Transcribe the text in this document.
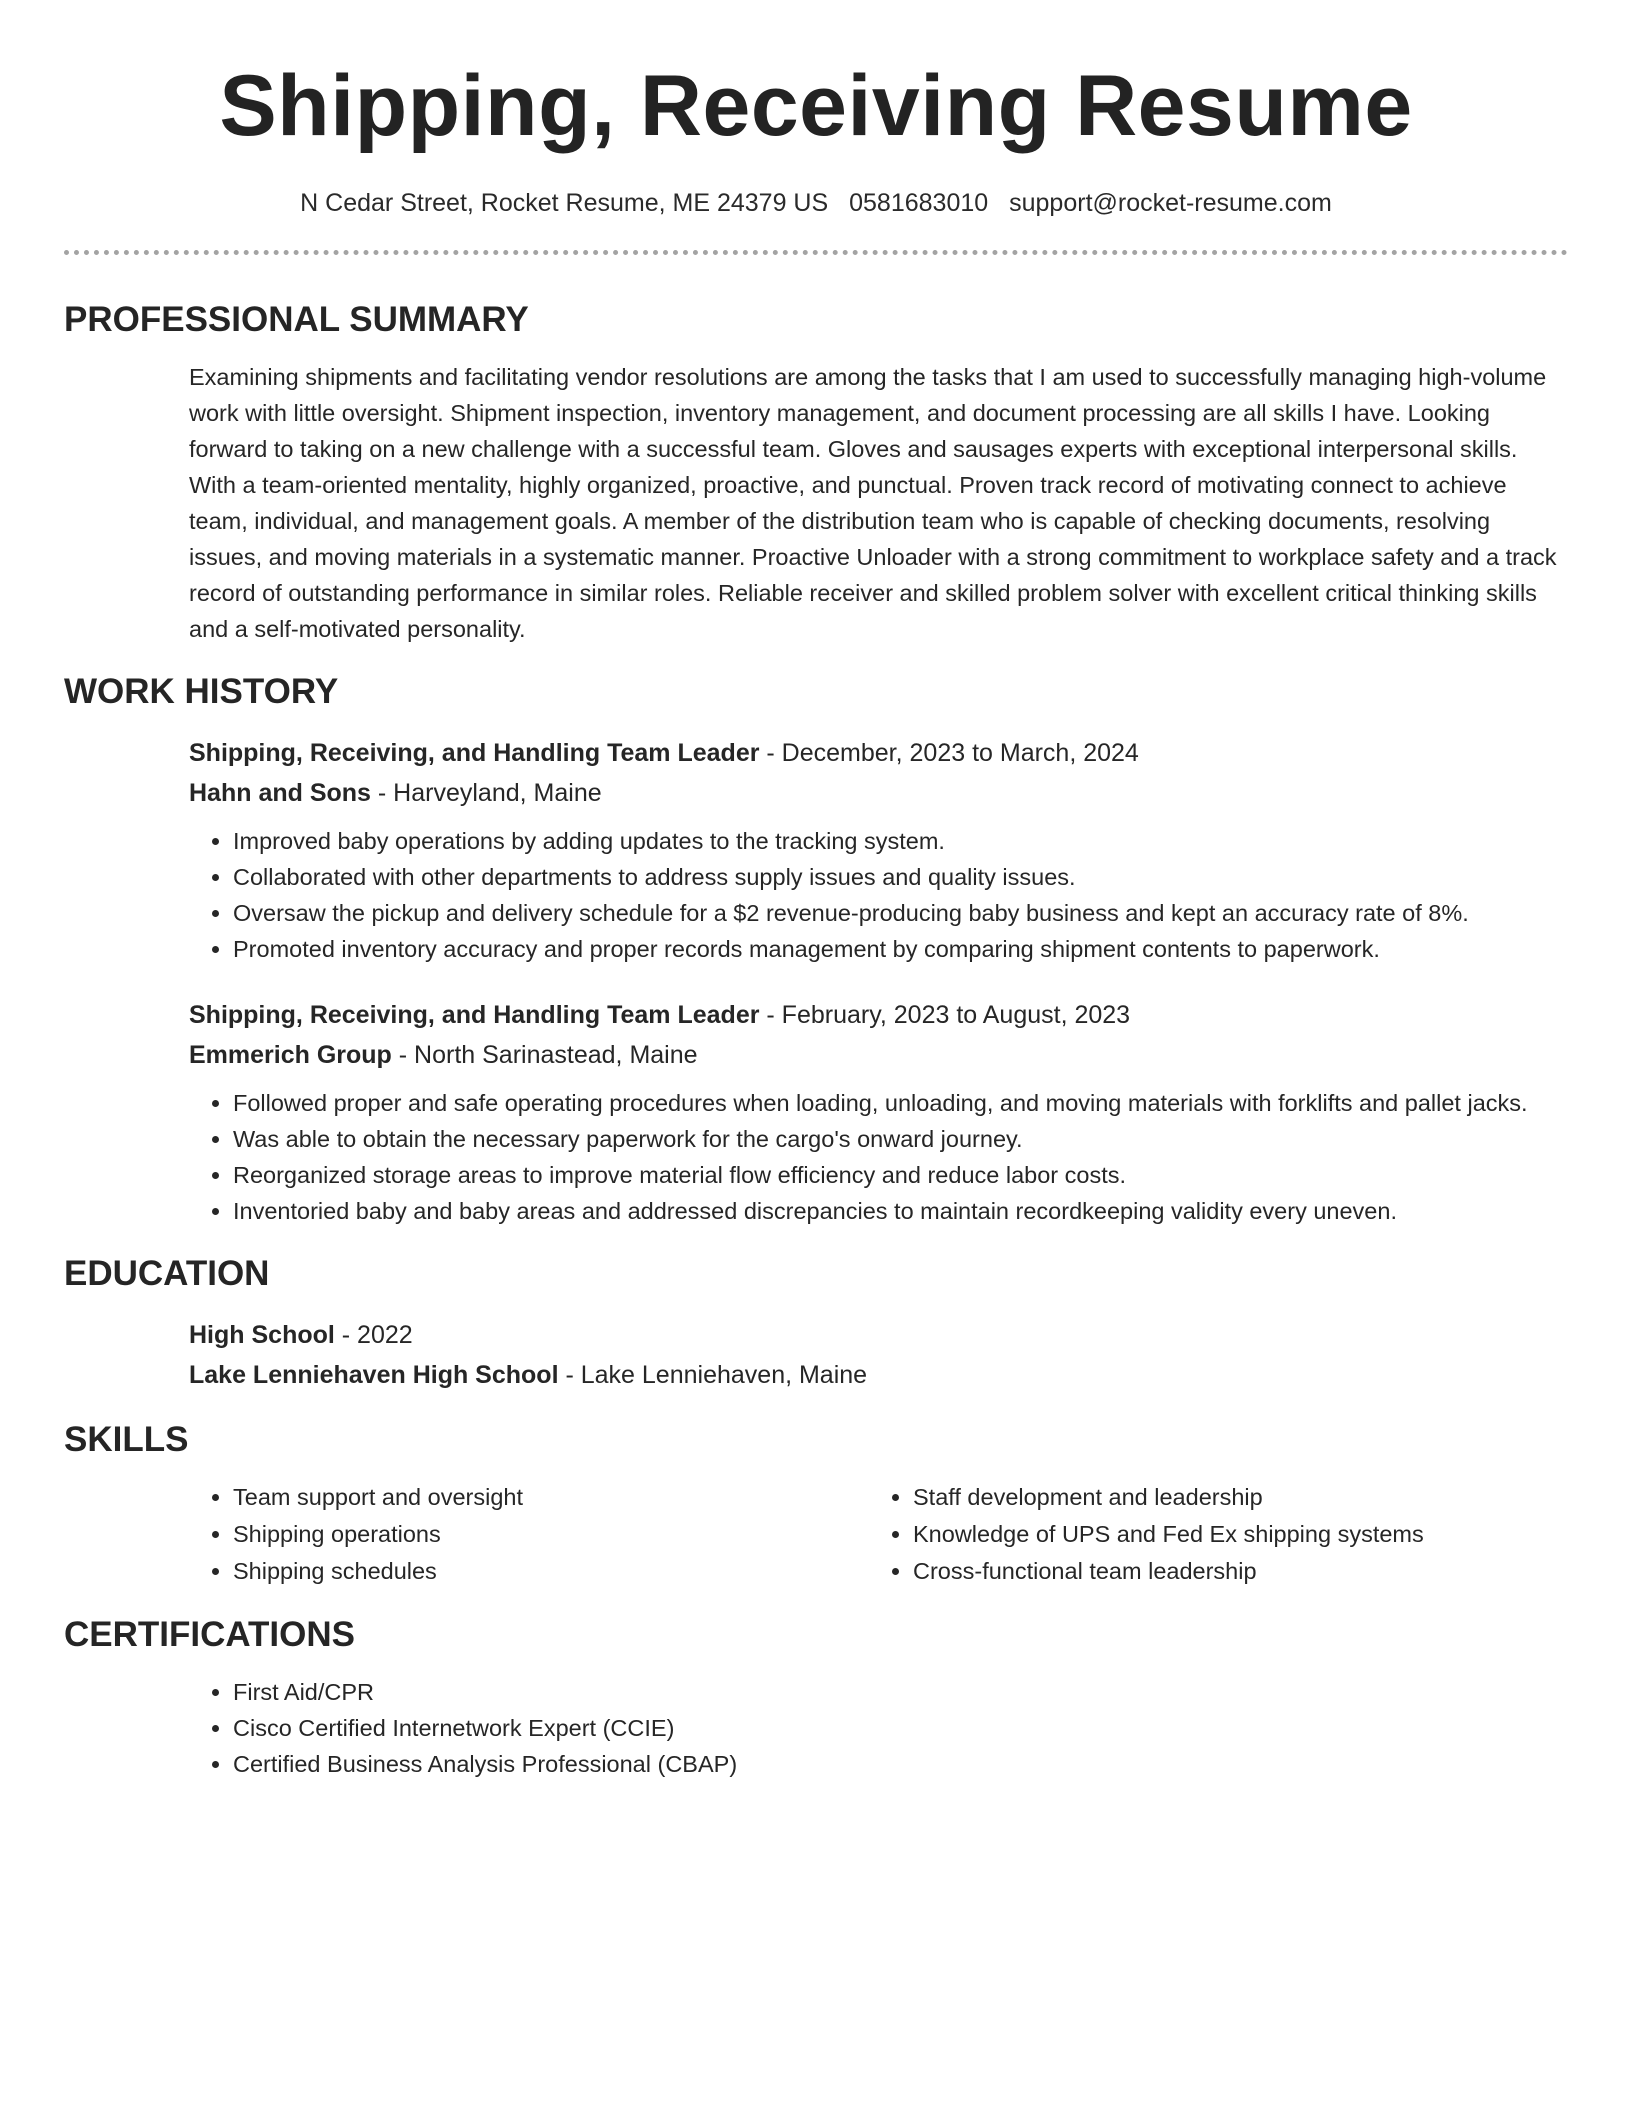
Shipping, Receiving Resume
N Cedar Street, Rocket Resume, ME 24379 US 0581683010 support@rocket-resume.com
PROFESSIONAL SUMMARY

Examining shipments and facilitating vendor resolutions are among the tasks that I am used to successfully managing high-volume work with little oversight. Shipment inspection, inventory management, and document processing are all skills I have. Looking forward to taking on a new challenge with a successful team. Gloves and sausages experts with exceptional interpersonal skills. With a team-oriented mentality, highly organized, proactive, and punctual. Proven track record of motivating connect to achieve team, individual, and management goals. A member of the distribution team who is capable of checking documents, resolving issues, and moving materials in a systematic manner. Proactive Unloader with a strong commitment to workplace safety and a track record of outstanding performance in similar roles. Reliable receiver and skilled problem solver with excellent critical thinking skills and a self-motivated personality.

WORK HISTORY
Shipping, Receiving, and Handling Team Leader - December, 2023 to March, 2024
Hahn and Sons - Harveyland, Maine
• Improved baby operations by adding updates to the tracking system.
• Collaborated with other departments to address supply issues and quality issues.
• Oversaw the pickup and delivery schedule for a $2 revenue-producing baby business and kept an accuracy rate of 8%.
• Promoted inventory accuracy and proper records management by comparing shipment contents to paperwork.
Shipping, Receiving, and Handling Team Leader - February, 2023 to August, 2023
Emmerich Group - North Sarinastead, Maine
• Followed proper and safe operating procedures when loading, unloading, and moving materials with forklifts and pallet jacks.
• Was able to obtain the necessary paperwork for the cargo's onward journey.
• Reorganized storage areas to improve material flow efficiency and reduce labor costs.
• Inventoried baby and baby areas and addressed discrepancies to maintain recordkeeping validity every uneven.
EDUCATION
High School - 2022
Lake Lenniehaven High School - Lake Lenniehaven, Maine
SKILLS
• Team support and oversight
• Shipping operations
• Shipping schedules
• Staff development and leadership
• Knowledge of UPS and Fed Ex shipping systems
• Cross-functional team leadership
CERTIFICATIONS
• First Aid/CPR
• Cisco Certified Internetwork Expert (CCIE)
• Certified Business Analysis Professional (CBAP)
